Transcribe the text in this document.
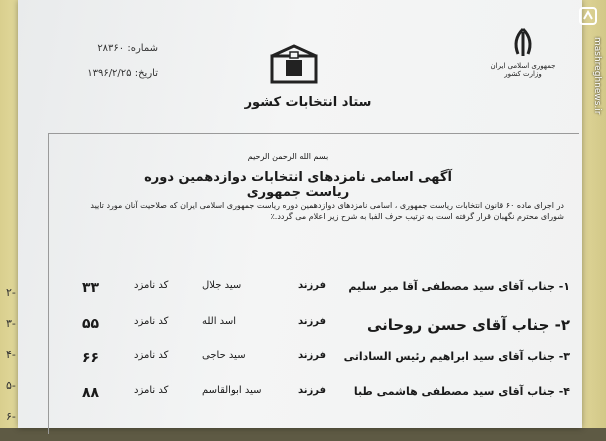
۲-
۳-
۴-
۵-
۶-
شماره: ۲۸۳۶۰
تاریخ: ۱۳۹۶/۲/۲۵
جمهوری اسلامی ایران
وزارت کشور
ستاد انتخابات کشور
بسم الله الرحمن الرحیم
آگهی اسامی نامزدهای انتخابات دوازدهمین دوره ریاست جمهوری
در اجرای ماده ۶۰ قانون انتخابات ریاست جمهوری ، اسامی نامزدهای دوازدهمین دوره ریاست جمهوری اسلامی ایران که صلاحیت آنان مورد تایید شورای محترم نگهبان قرار گرفته است به ترتیب حرف الفبا به شرح زیر اعلام می گردد.٪
۱- جناب آقای سید مصطفی آقا میر سلیم
فرزند
سید جلال
کد نامزد
۳۳
۲- جناب آقای حسن روحانی
فرزند
اسد الله
کد نامزد
۵۵
۳- جناب آقای سید ابراهیم رئیس الساداتی
فرزند
سید حاجی
کد نامزد
۶۶
۴- جناب آقای سید مصطفی هاشمی طبا
فرزند
سید ابوالقاسم
کد نامزد
۸۸
mashreghnews.ir
